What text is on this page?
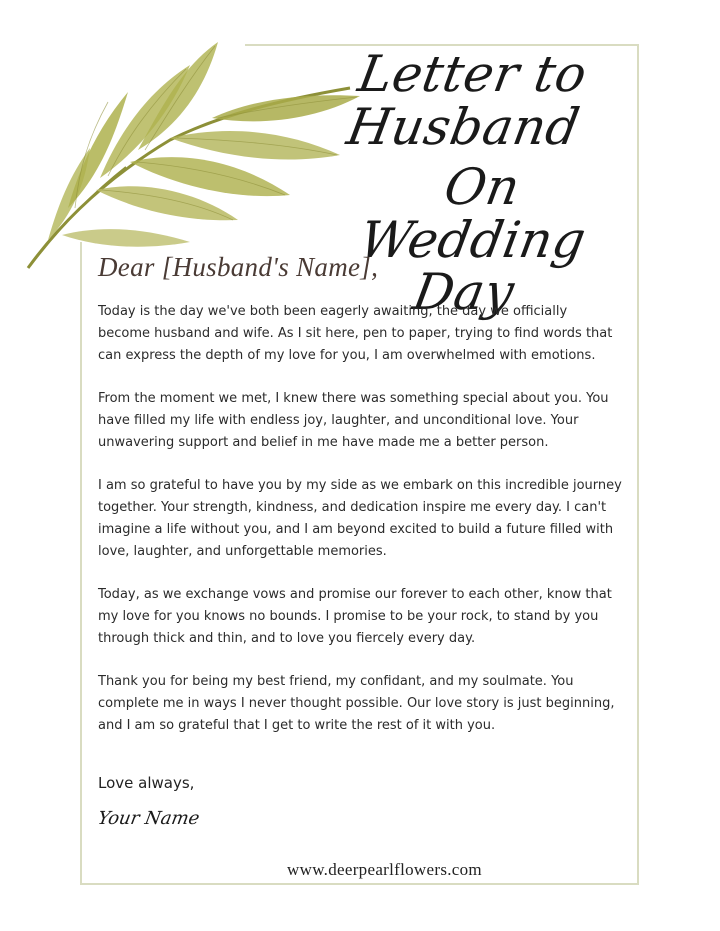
Letter to Husband
On Wedding Day
Dear [Husband's Name],

Today is the day we've both been eagerly awaiting, the day we officially become husband and wife. As I sit here, pen to paper, trying to find words that can express the depth of my love for you, I am overwhelmed with emotions.

From the moment we met, I knew there was something special about you. You have filled my life with endless joy, laughter, and unconditional love. Your unwavering support and belief in me have made me a better person.

I am so grateful to have you by my side as we embark on this incredible journey together. Your strength, kindness, and dedication inspire me every day. I can't imagine a life without you, and I am beyond excited to build a future filled with love, laughter, and unforgettable memories.

Today, as we exchange vows and promise our forever to each other, know that my love for you knows no bounds. I promise to be your rock, to stand by you through thick and thin, and to love you fiercely every day.

Thank you for being my best friend, my confidant, and my soulmate. You complete me in ways I never thought possible. Our love story is just beginning, and I am so grateful that I get to write the rest of it with you.

Love always,
Your Name
www.deerpearlflowers.com
